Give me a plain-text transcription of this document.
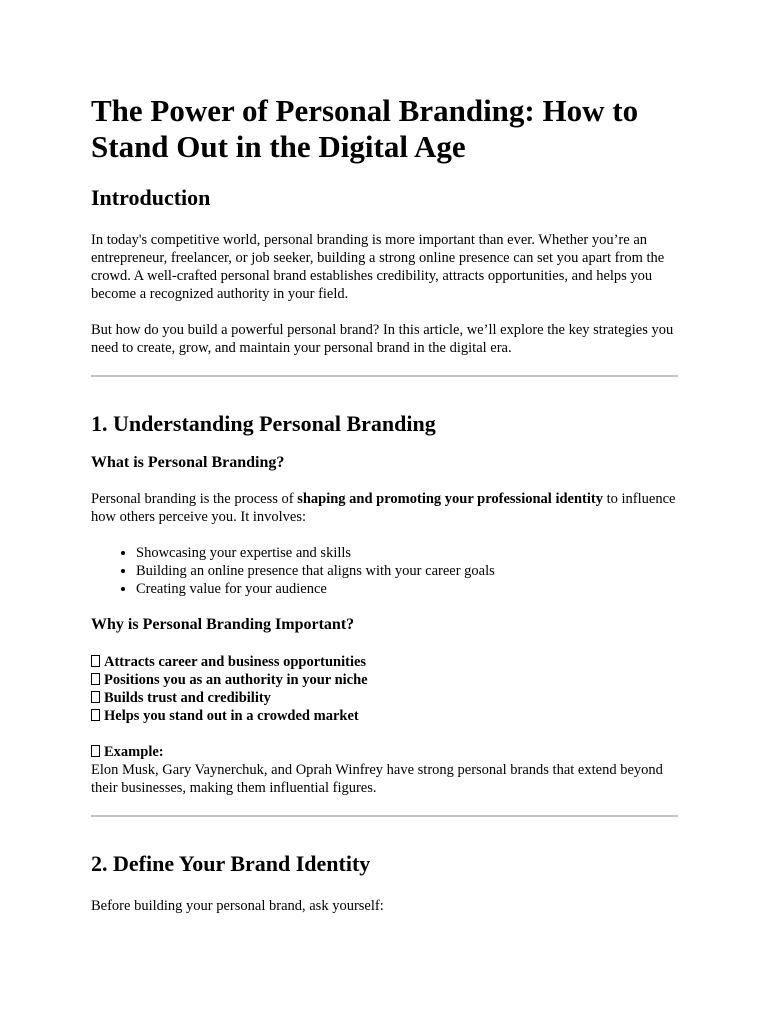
The Power of Personal Branding: How to Stand Out in the Digital Age
Introduction

In today's competitive world, personal branding is more important than ever. Whether you’re an entrepreneur, freelancer, or job seeker, building a strong online presence can set you apart from the crowd. A well-crafted personal brand establishes credibility, attracts opportunities, and helps you become a recognized authority in your field.

But how do you build a powerful personal brand? In this article, we’ll explore the key strategies you need to create, grow, and maintain your personal brand in the digital era.

1. Understanding Personal Branding
What is Personal Branding?

Personal branding is the process of shaping and promoting your professional identity to influence how others perceive you. It involves:

• Showcasing your expertise and skills
• Building an online presence that aligns with your career goals
• Creating value for your audience
Why is Personal Branding Important?
Attracts career and business opportunities
Positions you as an authority in your niche
Builds trust and credibility
Helps you stand out in a crowded market
Example:

Elon Musk, Gary Vaynerchuk, and Oprah Winfrey have strong personal brands that extend beyond their businesses, making them influential figures.

2. Define Your Brand Identity

Before building your personal brand, ask yourself:
